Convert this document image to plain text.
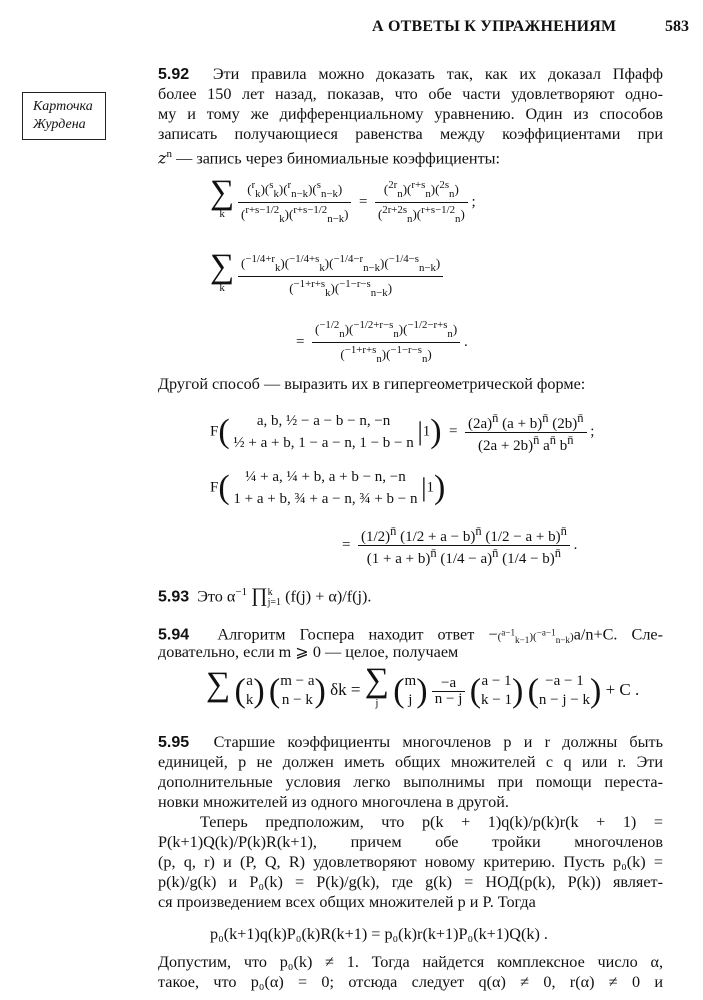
А ОТВЕТЫ К УПРАЖНЕНИЯМ	583
Карточка
Журдена
5.92 Эти правила можно доказать так, как их доказал Пфафф
более 150 лет назад, показав, что обе части удовлетворяют одно-
му и тому же дифференциальному уравнению. Один из способов
записать получающиеся равенства между коэффициентами при
$z^n$ — запись через биномиальные коэффициенты:
∑
$^k \frac{(^r_k)(^s_k)(^r_{n-k})(^s_{n-k})}{(^{r+s-1/2}_k)(^{r+s-1/2}_{n-k})} = \frac{(^{2r}_n)(^{r+s}_n)(^{2s}_n)}{(^{2r+2s}_n)(^{r+s-1/2}_n)}$ ;
∑
$^k \frac{(^{-1/4+r}_k)(^{-1/4+s}_k)(^{-1/4-r}_{n-k})(^{-1/4-s}_{n-k})}{(^{-1+r+s}_k)(^{-1-r-s}_{n-k})}$
= $\frac{(^{-1/2}_n)(^{-1/2+r-s}_n)(^{-1/2-r+s}_n)}{(^{-1+r+s}_n)(^{-1-r-s}_n)}$ .
Другой способ — выразить их в гипергеометрической форме:
F( a, b, ½ − a − b − n, −n
½ + a + b, 1 − a − n, 1 − b − n $|1) = \frac{(2a)^{n̄} (a + b)^{n̄} (2b)^{n̄}}{(2a + 2b)^{n̄} a^{n̄} b^{n̄}}$ ;
F( ¼ + a, ¼ + b, a + b − n, −n
1 + a + b, ¾ + a − n, ¾ + b − n |1)
= $\frac{(1/2)^{n̄} (1/2 + a - b)^{n̄} (1/2 - a + b)^{n̄}}{(1 + a + b)^{n̄} (1/4 - a)^{n̄} (1/4 - b)^{n̄}}$ .
5.93 Это $\alpha^{-1}$ ∏ k
j=1 (f(j) + α)/f(j).
5.94 Алгоритм Госпера находит ответ −($^{a-1}_{k-1}$)($^{-a-1}_{n-k}$)a/n+C. Сле-
довательно, если m ⩾ 0 — целое, получаем
∑ ( a
k ) ( m − a
n − k ) δk = ∑
$^j$ ( m
j ) $\frac{-a}{n - j}$ ( a − 1
k − 1 ) ( −a − 1
n − j − k ) + C .
5.95 Старшие коэффициенты многочленов p и r должны быть
единицей, p не должен иметь общих множителей с q или r. Эти
дополнительные условия легко выполнимы при помощи переста-
новки множителей из одного многочлена в другой.
Теперь предположим, что p(k + 1)q(k)/p(k)r(k + 1) =
P(k+1)Q(k)/P(k)R(k+1), причем обе тройки многочленов
(p, q, r) и (P, Q, R) удовлетворяют новому критерию. Пусть p₀(k) =
p(k)/g(k) и P₀(k) = P(k)/g(k), где g(k) = НОД(p(k), P(k)) являет-
ся произведением всех общих множителей p и P. Тогда
p₀(k+1)q(k)P₀(k)R(k+1) = p₀(k)r(k+1)P₀(k+1)Q(k) .
Допустим, что p₀(k) ≠ 1. Тогда найдется комплексное число α,
такое, что p₀(α) = 0; отсюда следует q(α) ≠ 0, r(α) ≠ 0 и
